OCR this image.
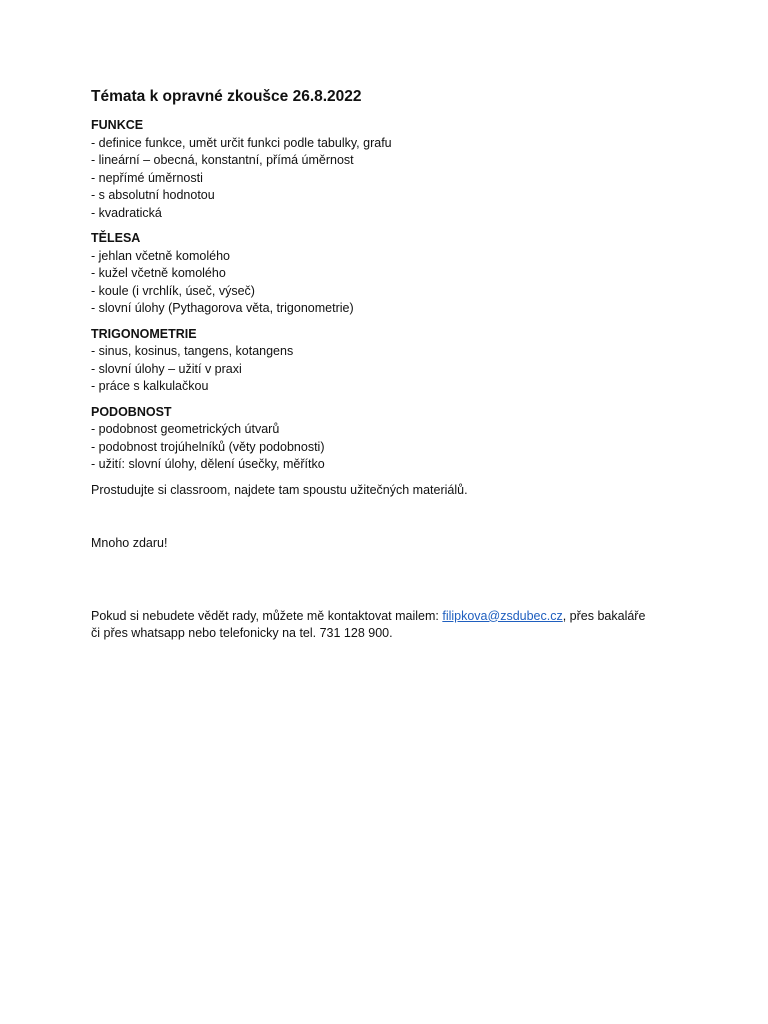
Témata k opravné zkoušce 26.8.2022

FUNKCE

- definice funkce, umět určit funkci podle tabulky, grafu
- lineární – obecná, konstantní, přímá úměrnost
- nepřímé úměrnosti
- s absolutní hodnotou
- kvadratická

TĚLESA

- jehlan včetně komolého
- kužel včetně komolého
- koule (i vrchlík, úseč, výseč)
- slovní úlohy (Pythagorova věta, trigonometrie)

TRIGONOMETRIE

- sinus, kosinus, tangens, kotangens
- slovní úlohy – užití v praxi
- práce s kalkulačkou

PODOBNOST

- podobnost geometrických útvarů
- podobnost trojúhelníků (věty podobnosti)
- užití: slovní úlohy, dělení úsečky, měřítko

Prostudujte si classroom, najdete tam spoustu užitečných materiálů.

Mnoho zdaru!

Pokud si nebudete vědět rady, můžete mě kontaktovat mailem: filipkova@zsdubec.cz, přes bakaláře

či přes whatsapp nebo telefonicky na tel. 731 128 900.
